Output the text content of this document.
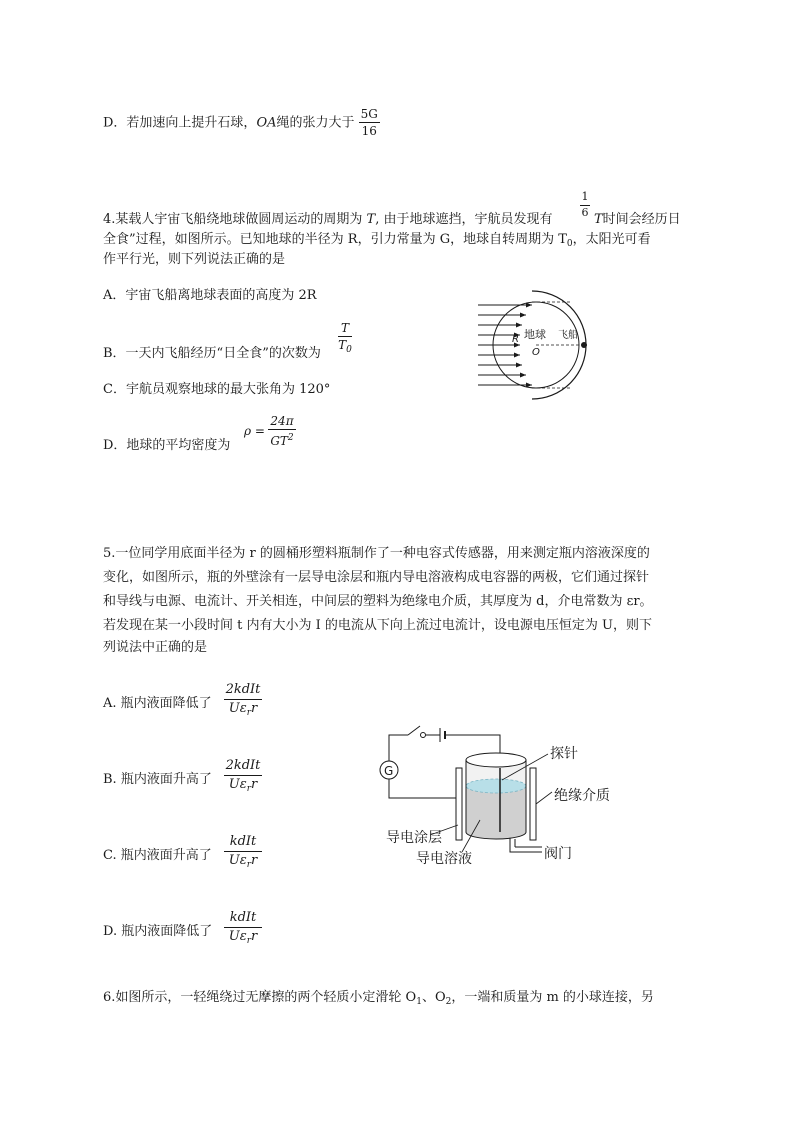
D．若加速向上提升石球，OA绳的张力大于 $\frac{5G}{16}$
4.某载人宇宙飞船绕地球做圆周运动的周期为 T, 由于地球遮挡，宇航员发现有
1
6 T时间会经历日
全食”过程，如图所示。已知地球的半径为 R，引力常量为 G，地球自转周期为 $T_0$，太阳光可看
作平行光，则下列说法正确的是
A．宇宙飞船离地球表面的高度为 2R
B．一天内飞船经历“日全食”的次数为
T
$T_0$
C．宇航员观察地球的最大张角为 120°
D．地球的平均密度为
ρ =
24π
$GT^2$
地球 飞船
R
O
5.一位同学用底面半径为 r 的圆桶形塑料瓶制作了一种电容式传感器，用来测定瓶内溶液深度的
变化，如图所示，瓶的外壁涂有一层导电涂层和瓶内导电溶液构成电容器的两极，它们通过探针
和导线与电源、电流计、开关相连，中间层的塑料为绝缘电介质，其厚度为 d，介电常数为 εr。
若发现在某一小段时间 t 内有大小为 I 的电流从下向上流过电流计，设电源电压恒定为 U，则下
列说法中正确的是
A. 瓶内液面降低了
2kdIt
$U\varepsilon_rr$
B. 瓶内液面升高了
2kdIt
$U\varepsilon_rr$
C. 瓶内液面升高了
kdIt
$U\varepsilon_rr$
D. 瓶内液面降低了
kdIt
$U\varepsilon_rr$
G
探针
绝缘介质
导电涂层
导电溶液	阀门
6.如图所示，一轻绳绕过无摩擦的两个轻质小定滑轮 $O_1$、$O_2$，一端和质量为 m 的小球连接，另
